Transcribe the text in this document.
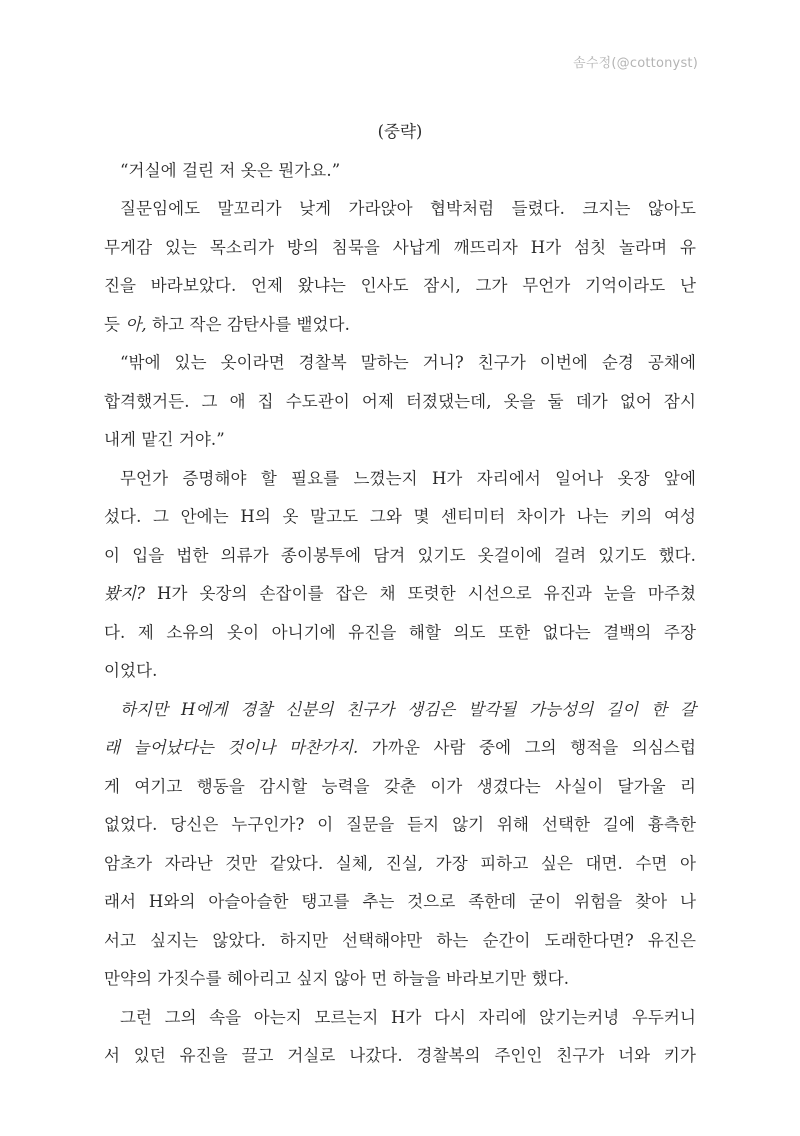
솜수정(@cottonyst)

(중략)

“거실에 걸린 저 옷은 뭔가요.”

질문임에도 말꼬리가 낮게 가라앉아 협박처럼 들렸다. 크지는 않아도
무게감 있는 목소리가 방의 침묵을 사납게 깨뜨리자 H가 섬칫 놀라며 유
진을 바라보았다. 언제 왔냐는 인사도 잠시, 그가 무언가 기억이라도 난
듯 아, 하고 작은 감탄사를 뱉었다.

“밖에 있는 옷이라면 경찰복 말하는 거니? 친구가 이번에 순경 공채에
합격했거든. 그 애 집 수도관이 어제 터졌댔는데, 옷을 둘 데가 없어 잠시
내게 맡긴 거야.”

무언가 증명해야 할 필요를 느꼈는지 H가 자리에서 일어나 옷장 앞에
섰다. 그 안에는 H의 옷 말고도 그와 몇 센티미터 차이가 나는 키의 여성
이 입을 법한 의류가 종이봉투에 담겨 있기도 옷걸이에 걸려 있기도 했다.
봤지? H가 옷장의 손잡이를 잡은 채 또렷한 시선으로 유진과 눈을 마주쳤
다. 제 소유의 옷이 아니기에 유진을 해할 의도 또한 없다는 결백의 주장
이었다.

하지만 H에게 경찰 신분의 친구가 생김은 발각될 가능성의 길이 한 갈
래 늘어났다는 것이나 마찬가지. 가까운 사람 중에 그의 행적을 의심스럽
게 여기고 행동을 감시할 능력을 갖춘 이가 생겼다는 사실이 달가울 리
없었다. 당신은 누구인가? 이 질문을 듣지 않기 위해 선택한 길에 흉측한
암초가 자라난 것만 같았다. 실체, 진실, 가장 피하고 싶은 대면. 수면 아
래서 H와의 아슬아슬한 탱고를 추는 것으로 족한데 굳이 위험을 찾아 나
서고 싶지는 않았다. 하지만 선택해야만 하는 순간이 도래한다면? 유진은
만약의 가짓수를 헤아리고 싶지 않아 먼 하늘을 바라보기만 했다.

그런 그의 속을 아는지 모르는지 H가 다시 자리에 앉기는커녕 우두커니
서 있던 유진을 끌고 거실로 나갔다. 경찰복의 주인인 친구가 너와 키가
